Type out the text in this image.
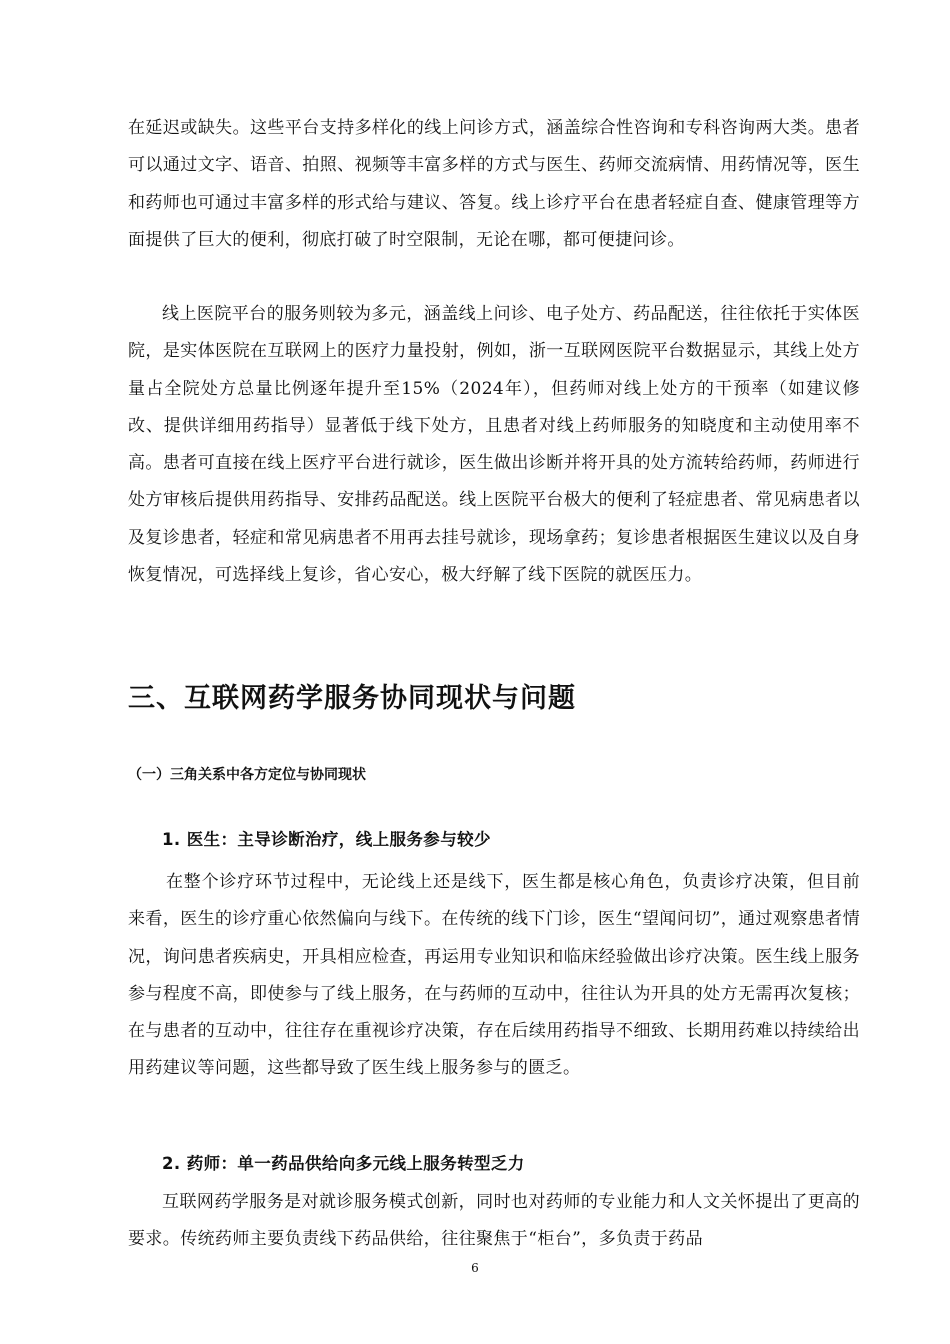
在延迟或缺失。这些平台支持多样化的线上问诊方式，涵盖综合性咨询和专科咨询两大类。患者可以通过文字、语音、拍照、视频等丰富多样的方式与医生、药师交流病情、用药情况等，医生和药师也可通过丰富多样的形式给与建议、答复。线上诊疗平台在患者轻症自查、健康管理等方面提供了巨大的便利，彻底打破了时空限制，无论在哪，都可便捷问诊。

线上医院平台的服务则较为多元，涵盖线上问诊、电子处方、药品配送，往往依托于实体医院，是实体医院在互联网上的医疗力量投射，例如，浙一互联网医院平台数据显示，其线上处方量占全院处方总量比例逐年提升至15%（2024年），但药师对线上处方的干预率（如建议修改、提供详细用药指导）显著低于线下处方，且患者对线上药师服务的知晓度和主动使用率不高。患者可直接在线上医疗平台进行就诊，医生做出诊断并将开具的处方流转给药师，药师进行处方审核后提供用药指导、安排药品配送。线上医院平台极大的便利了轻症患者、常见病患者以及复诊患者，轻症和常见病患者不用再去挂号就诊，现场拿药；复诊患者根据医生建议以及自身恢复情况，可选择线上复诊，省心安心，极大纾解了线下医院的就医压力。

三、互联网药学服务协同现状与问题
（一）三角关系中各方定位与协同现状
1. 医生：主导诊断治疗，线上服务参与较少

在整个诊疗环节过程中，无论线上还是线下，医生都是核心角色，负责诊疗决策，但目前来看，医生的诊疗重心依然偏向与线下。在传统的线下门诊，医生“望闻问切”，通过观察患者情况，询问患者疾病史，开具相应检查，再运用专业知识和临床经验做出诊疗决策。医生线上服务参与程度不高，即使参与了线上服务，在与药师的互动中，往往认为开具的处方无需再次复核；在与患者的互动中，往往存在重视诊疗决策，存在后续用药指导不细致、长期用药难以持续给出用药建议等问题，这些都导致了医生线上服务参与的匮乏。

2. 药师：单一药品供给向多元线上服务转型乏力

互联网药学服务是对就诊服务模式创新，同时也对药师的专业能力和人文关怀提出了更高的要求。传统药师主要负责线下药品供给，往往聚焦于“柜台”，多负责于药品

6
